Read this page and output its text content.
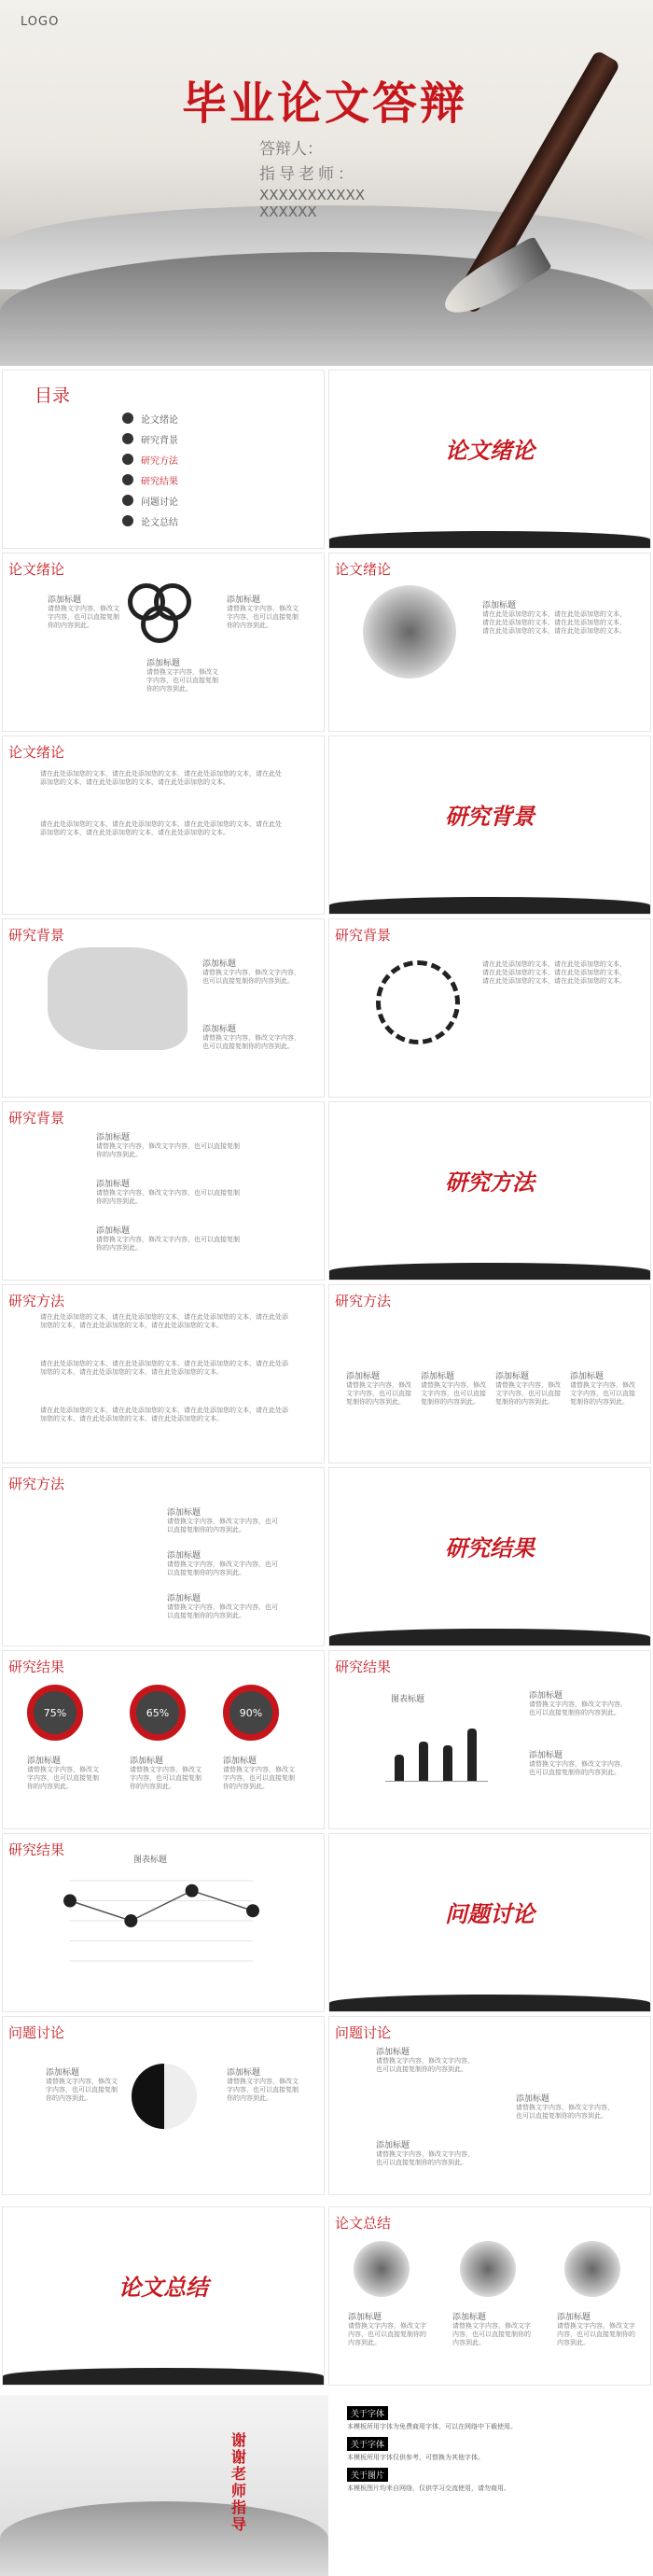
LOGO
毕业论文答辩
答辩人：
指导老师：
XXXXXXXXXXX
XXXXXX
目录
论文绪论
研究背景
研究方法
研究结果
问题讨论
论文总结
论文绪论
论文绪论
添加标题
请替换文字内容，修改文字内容，也可以直接复制你的内容到此。
添加标题
请替换文字内容，修改文字内容，也可以直接复制你的内容到此。
添加标题
请替换文字内容，修改文字内容，也可以直接复制你的内容到此。
论文绪论
添加标题
请在此处添加您的文本，请在此处添加您的文本，请在此处添加您的文本，请在此处添加您的文本，请在此处添加您的文本，请在此处添加您的文本。
论文绪论
请在此处添加您的文本，请在此处添加您的文本，请在此处添加您的文本，请在此处添加您的文本，请在此处添加您的文本，请在此处添加您的文本。
请在此处添加您的文本，请在此处添加您的文本，请在此处添加您的文本，请在此处添加您的文本，请在此处添加您的文本，请在此处添加您的文本。
研究背景
研究背景
添加标题
请替换文字内容，修改文字内容，也可以直接复制你的内容到此。
添加标题
请替换文字内容，修改文字内容，也可以直接复制你的内容到此。
研究背景
请在此处添加您的文本，请在此处添加您的文本，请在此处添加您的文本，请在此处添加您的文本，请在此处添加您的文本，请在此处添加您的文本。
研究背景
添加标题
请替换文字内容，修改文字内容，也可以直接复制你的内容到此。
添加标题
请替换文字内容，修改文字内容，也可以直接复制你的内容到此。
添加标题
请替换文字内容，修改文字内容，也可以直接复制你的内容到此。
研究方法
研究方法
请在此处添加您的文本，请在此处添加您的文本，请在此处添加您的文本，请在此处添加您的文本，请在此处添加您的文本，请在此处添加您的文本。
请在此处添加您的文本，请在此处添加您的文本，请在此处添加您的文本，请在此处添加您的文本，请在此处添加您的文本，请在此处添加您的文本。
请在此处添加您的文本，请在此处添加您的文本，请在此处添加您的文本，请在此处添加您的文本，请在此处添加您的文本，请在此处添加您的文本。
研究方法
添加标题
请替换文字内容，修改文字内容，也可以直接复制你的内容到此。
添加标题
请替换文字内容，修改文字内容，也可以直接复制你的内容到此。
添加标题
请替换文字内容，修改文字内容，也可以直接复制你的内容到此。
添加标题
请替换文字内容，修改文字内容，也可以直接复制你的内容到此。
研究方法
添加标题
请替换文字内容，修改文字内容，也可以直接复制你的内容到此。
添加标题
请替换文字内容，修改文字内容，也可以直接复制你的内容到此。
添加标题
请替换文字内容，修改文字内容，也可以直接复制你的内容到此。
研究结果
研究结果
75%	65%	90%
添加标题
请替换文字内容，修改文字内容，也可以直接复制你的内容到此。
添加标题
请替换文字内容，修改文字内容，也可以直接复制你的内容到此。
添加标题
请替换文字内容，修改文字内容，也可以直接复制你的内容到此。
研究结果
图表标题	添加标题
请替换文字内容，修改文字内容，也可以直接复制你的内容到此。
添加标题
请替换文字内容，修改文字内容，也可以直接复制你的内容到此。
研究结果
图表标题
问题讨论
问题讨论
添加标题
请替换文字内容，修改文字内容，也可以直接复制你的内容到此。
添加标题
请替换文字内容，修改文字内容，也可以直接复制你的内容到此。
问题讨论
添加标题
请替换文字内容，修改文字内容，也可以直接复制你的内容到此。
添加标题
请替换文字内容，修改文字内容，也可以直接复制你的内容到此。
添加标题
请替换文字内容，修改文字内容，也可以直接复制你的内容到此。
论文总结
论文总结
添加标题
请替换文字内容，修改文字内容，也可以直接复制你的内容到此。
添加标题
请替换文字内容，修改文字内容，也可以直接复制你的内容到此。
添加标题
请替换文字内容，修改文字内容，也可以直接复制你的内容到此。
谢谢老师指导
关于字体
本模板所用字体为免费商用字体，可以在网络中下载使用。
关于字体
本模板所用字体仅供参考，可替换为其他字体。
关于图片
本模板图片均来自网络，仅供学习交流使用，请勿商用。
